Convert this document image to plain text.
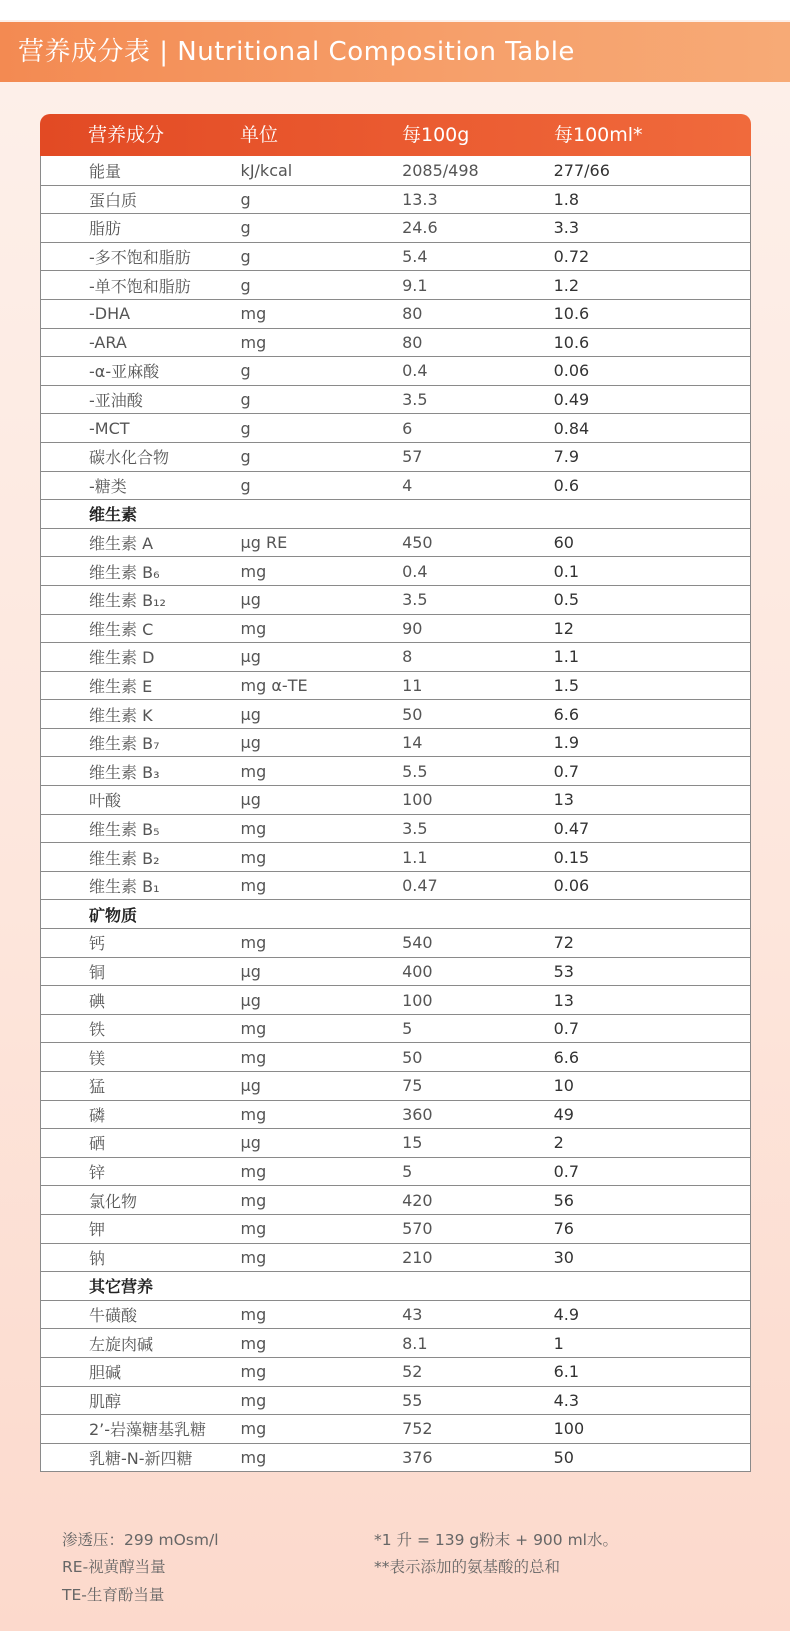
营养成分表 | Nutritional Composition Table
营养成分	单位	每100g	每100ml*
能量	kJ/kcal	2085/498	277/66
蛋白质	g	13.3	1.8
脂肪	g	24.6	3.3
-多不饱和脂肪	g	5.4	0.72
-单不饱和脂肪	g	9.1	1.2
-DHA	mg	80	10.6
-ARA	mg	80	10.6
-α-亚麻酸	g	0.4	0.06
-亚油酸	g	3.5	0.49
-MCT	g	6	0.84
碳水化合物	g	57	7.9
-糖类	g	4	0.6
维生素
维生素 A	μg RE	450	60
维生素 B₆	mg	0.4	0.1
维生素 B₁₂	μg	3.5	0.5
维生素 C	mg	90	12
维生素 D	μg	8	1.1
维生素 E	mg α-TE	11	1.5
维生素 K	μg	50	6.6
维生素 B₇	μg	14	1.9
维生素 B₃	mg	5.5	0.7
叶酸	μg	100	13
维生素 B₅	mg	3.5	0.47
维生素 B₂	mg	1.1	0.15
维生素 B₁	mg	0.47	0.06
矿物质
钙	mg	540	72
铜	μg	400	53
碘	μg	100	13
铁	mg	5	0.7
镁	mg	50	6.6
猛	μg	75	10
磷	mg	360	49
硒	μg	15	2
锌	mg	5	0.7
氯化物	mg	420	56
钾	mg	570	76
钠	mg	210	30
其它营养
牛磺酸	mg	43	4.9
左旋肉碱	mg	8.1	1
胆碱	mg	52	6.1
肌醇	mg	55	4.3
2’-岩藻糖基乳糖	mg	752	100
乳糖-N-新四糖	mg	376	50
渗透压：299 mOsm/l
RE-视黄醇当量
TE-生育酚当量
*1 升 = 139 g粉末 + 900 ml水。
**表示添加的氨基酸的总和
